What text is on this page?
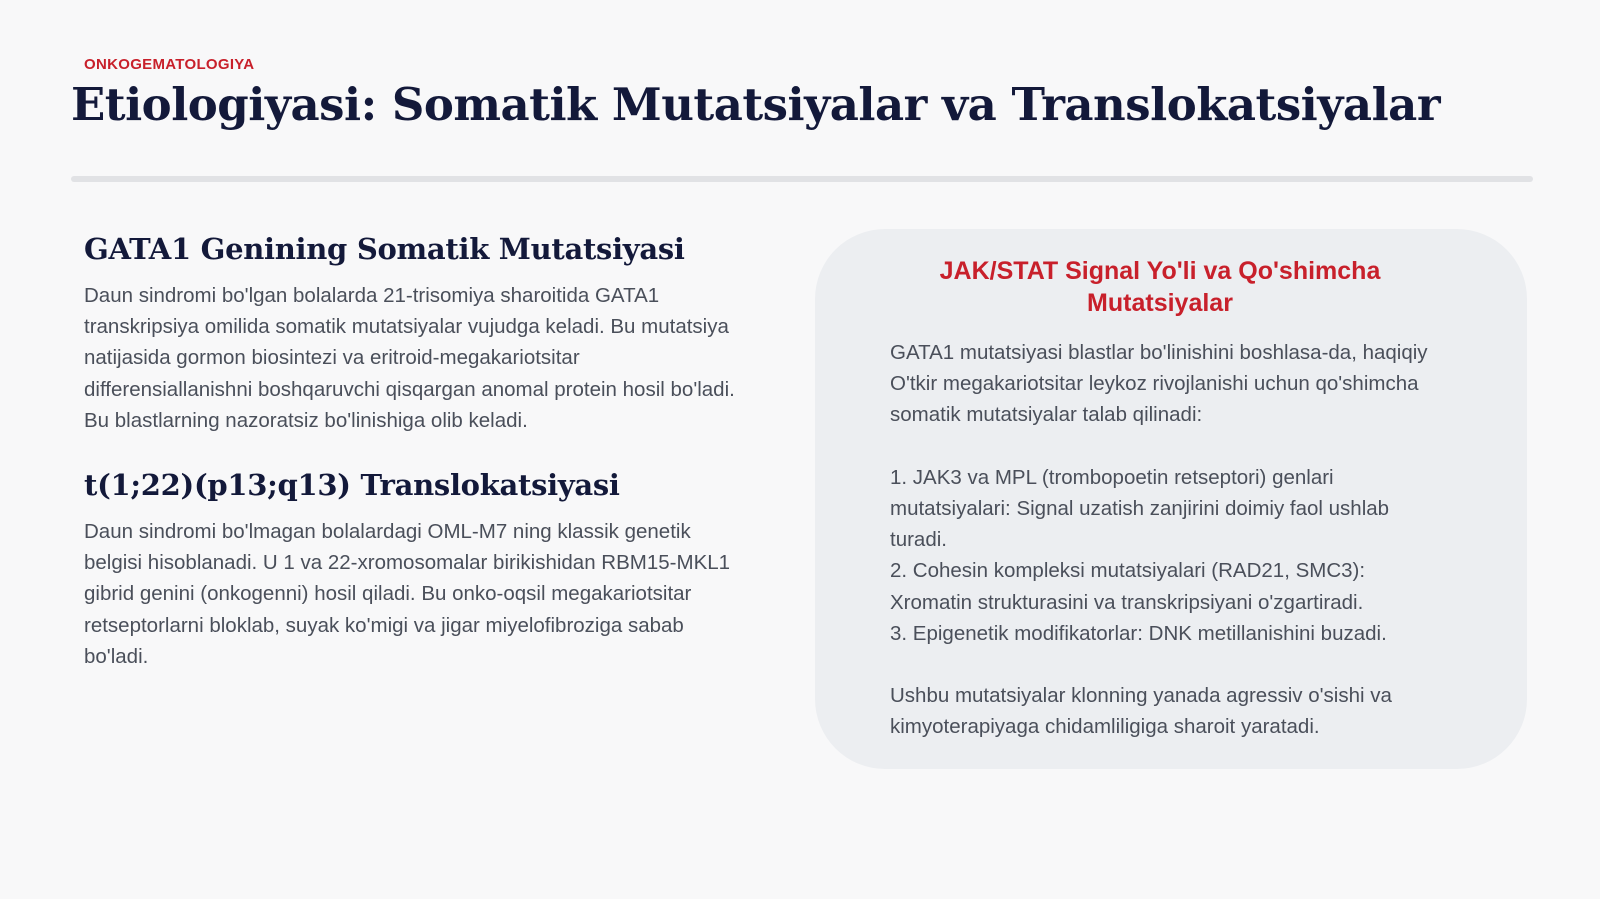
ONKOGEMATOLOGIYA
Etiologiyasi: Somatik Mutatsiyalar va Translokatsiyalar
GATA1 Genining Somatik Mutatsiyasi

Daun sindromi bo'lgan bolalarda 21-trisomiya sharoitida GATA1 transkripsiya omilida somatik mutatsiyalar vujudga keladi. Bu mutatsiya natijasida gormon biosintezi va eritroid-megakariotsitar differensiallanishni boshqaruvchi qisqargan anomal protein hosil bo'ladi. Bu blastlarning nazoratsiz bo'linishiga olib keladi.

t(1;22)(p13;q13) Translokatsiyasi

Daun sindromi bo'lmagan bolalardagi OML-M7 ning klassik genetik belgisi hisoblanadi. U 1 va 22-xromosomalar birikishidan RBM15-MKL1 gibrid genini (onkogenni) hosil qiladi. Bu onko-oqsil megakariotsitar retseptorlarni bloklab, suyak ko'migi va jigar miyelofibroziga sabab bo'ladi.

JAK/STAT Signal Yo'li va Qo'shimcha Mutatsiyalar

GATA1 mutatsiyasi blastlar bo'linishini boshlasa-da, haqiqiy O'tkir megakariotsitar leykoz rivojlanishi uchun qo'shimcha somatik mutatsiyalar talab qilinadi:

1. JAK3 va MPL (trombopoetin retseptori) genlari mutatsiyalari: Signal uzatish zanjirini doimiy faol ushlab turadi.

2. Cohesin kompleksi mutatsiyalari (RAD21, SMC3): Xromatin strukturasini va transkripsiyani o'zgartiradi.

3. Epigenetik modifikatorlar: DNK metillanishini buzadi.

Ushbu mutatsiyalar klonning yanada agressiv o'sishi va kimyoterapiyaga chidamliligiga sharoit yaratadi.
